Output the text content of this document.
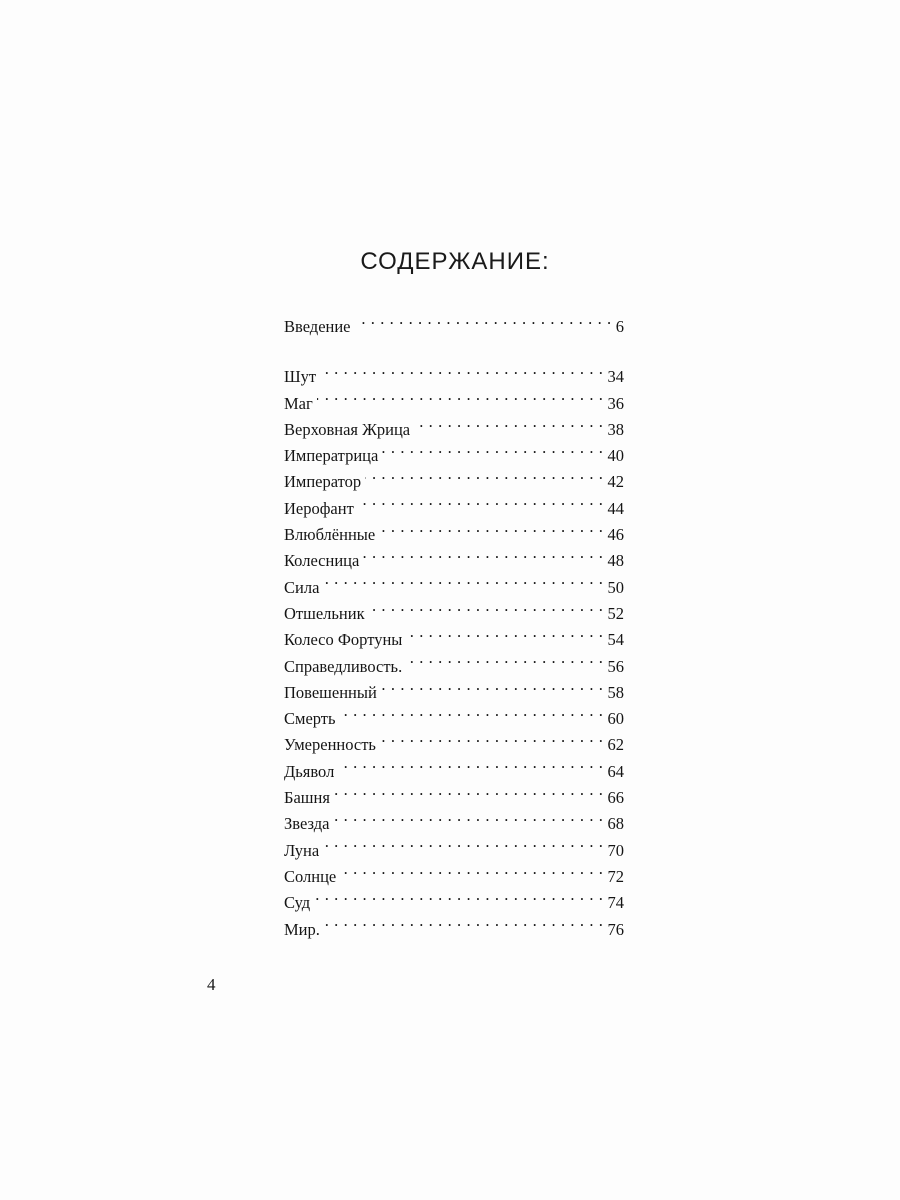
СОДЕРЖАНИЕ:
Введение . . .	6
Шут . . .	34
Маг . . .	36
Верховная Жрица . . .	38
Императрица . . .	40
Император . . .	42
Иерофант . . .	44
Влюблённые . . .	46
Колесница . . .	48
Сила . . .	50
Отшельник . . .	52
Колесо Фортуны . . .	54
Справедливость. . . .	56
Повешенный . . .	58
Смерть . . .	60
Умеренность . . .	62
Дьявол . . .	64
Башня . . .	66
Звезда . . .	68
Луна . . .	70
Солнце . . .	72
Суд . . .	74
Мир. . . .	76
4
